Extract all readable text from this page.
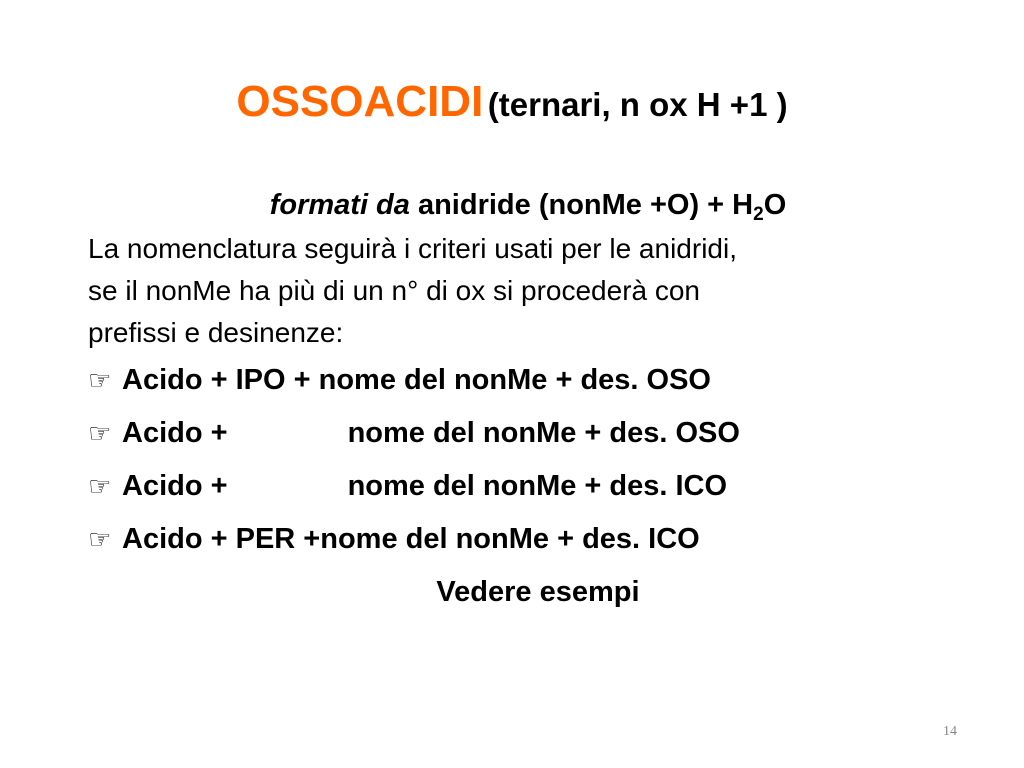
OSSOACIDI (ternari, n ox H +1 )
formati da anidride (nonMe $+O) + H_2O$
La nomenclatura seguirà i criteri usati per le anidridi,
se il nonMe ha più di un n° di ox si procederà con
prefissi e desinenze:
☞ Acido + IPO + nome del nonMe + des. OSO
☞ Acido +	nome del nonMe + des. OSO
☞ Acido +	nome del nonMe + des. ICO
☞ Acido + PER +nome del nonMe + des. ICO
Vedere esempi
14
